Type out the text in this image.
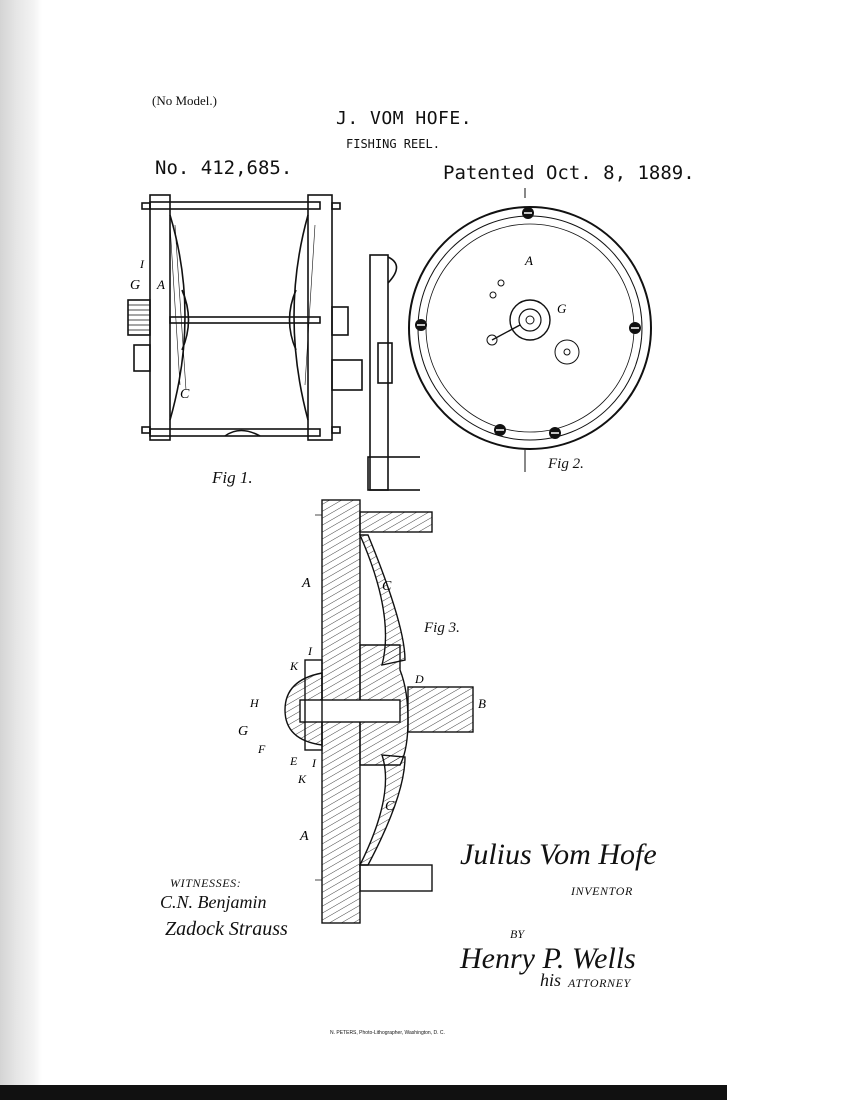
(No Model.)
J. VOM HOFE.
FISHING REEL.
No. 412,685.	Patented Oct. 8, 1889.
I
G A
C
A
G
A	C
I
K
H
G
F
E I
K
D
B
C
A
Fig 1.
Fig 2.
Fig 3.
WITNESSES:
C.N. Benjamin
Zadock Strauss
Julius Vom Hofe
INVENTOR
BY
Henry P. Wells
his ATTORNEY
N. PETERS, Photo-Lithographer, Washington, D. C.
